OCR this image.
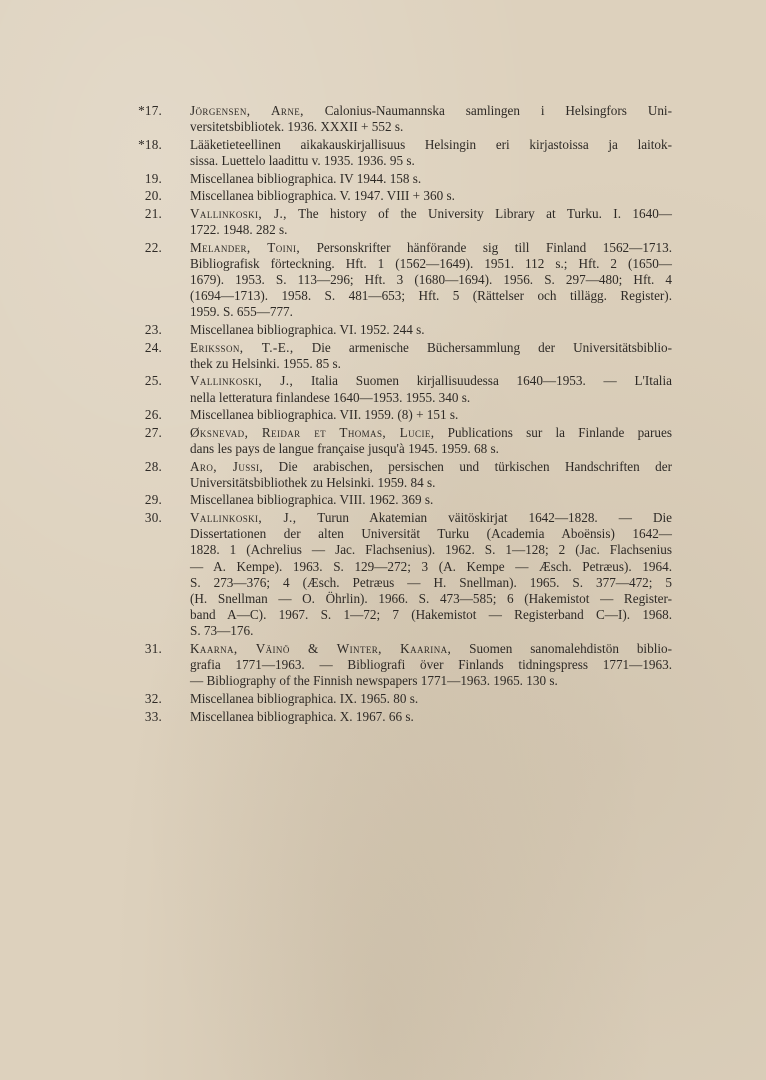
*17. Jörgensen, Arne, Calonius-Naumannska samlingen i Helsingfors Uni-
versitetsbibliotek. 1936. XXXII + 552 s.
*18. Lääketieteellinen aikakauskirjallisuus Helsingin eri kirjastoissa ja laitok-
sissa. Luettelo laadittu v. 1935. 1936. 95 s.
19. Miscellanea bibliographica. IV 1944. 158 s.
20. Miscellanea bibliographica. V. 1947. VIII + 360 s.
21. Vallinkoski, J., The history of the University Library at Turku. I. 1640—
1722. 1948. 282 s.
22. Melander, Toini, Personskrifter hänförande sig till Finland 1562—1713.
Bibliografisk förteckning. Hft. 1 (1562—1649). 1951. 112 s.; Hft. 2 (1650—
1679). 1953. S. 113—296; Hft. 3 (1680—1694). 1956. S. 297—480; Hft. 4
(1694—1713). 1958. S. 481—653; Hft. 5 (Rättelser och tillägg. Register).
1959. S. 655—777.
23. Miscellanea bibliographica. VI. 1952. 244 s.
24. Eriksson, T.-E., Die armenische Büchersammlung der Universitätsbiblio-
thek zu Helsinki. 1955. 85 s.
25. Vallinkoski, J., Italia Suomen kirjallisuudessa 1640—1953. — L'Italia
nella letteratura finlandese 1640—1953. 1955. 340 s.
26. Miscellanea bibliographica. VII. 1959. (8) + 151 s.
27. Øksnevad, Reidar et Thomas, Lucie, Publications sur la Finlande parues
dans les pays de langue française jusqu'à 1945. 1959. 68 s.
28. Aro, Jussi, Die arabischen, persischen und türkischen Handschriften der
Universitätsbibliothek zu Helsinki. 1959. 84 s.
29. Miscellanea bibliographica. VIII. 1962. 369 s.
30. Vallinkoski, J., Turun Akatemian väitöskirjat 1642—1828. — Die
Dissertationen der alten Universität Turku (Academia Aboënsis) 1642—
1828. 1 (Achrelius — Jac. Flachsenius). 1962. S. 1—128; 2 (Jac. Flachsenius
— A. Kempe). 1963. S. 129—272; 3 (A. Kempe — Æsch. Petræus). 1964.
S. 273—376; 4 (Æsch. Petræus — H. Snellman). 1965. S. 377—472; 5
(H. Snellman — O. Öhrlin). 1966. S. 473—585; 6 (Hakemistot — Register-
band A—C). 1967. S. 1—72; 7 (Hakemistot — Registerband C—I). 1968.
S. 73—176.
31. Kaarna, Väinö & Winter, Kaarina, Suomen sanomalehdistön biblio-
grafia 1771—1963. — Bibliografi över Finlands tidningspress 1771—1963.
— Bibliography of the Finnish newspapers 1771—1963. 1965. 130 s.
32. Miscellanea bibliographica. IX. 1965. 80 s.
33. Miscellanea bibliographica. X. 1967. 66 s.
